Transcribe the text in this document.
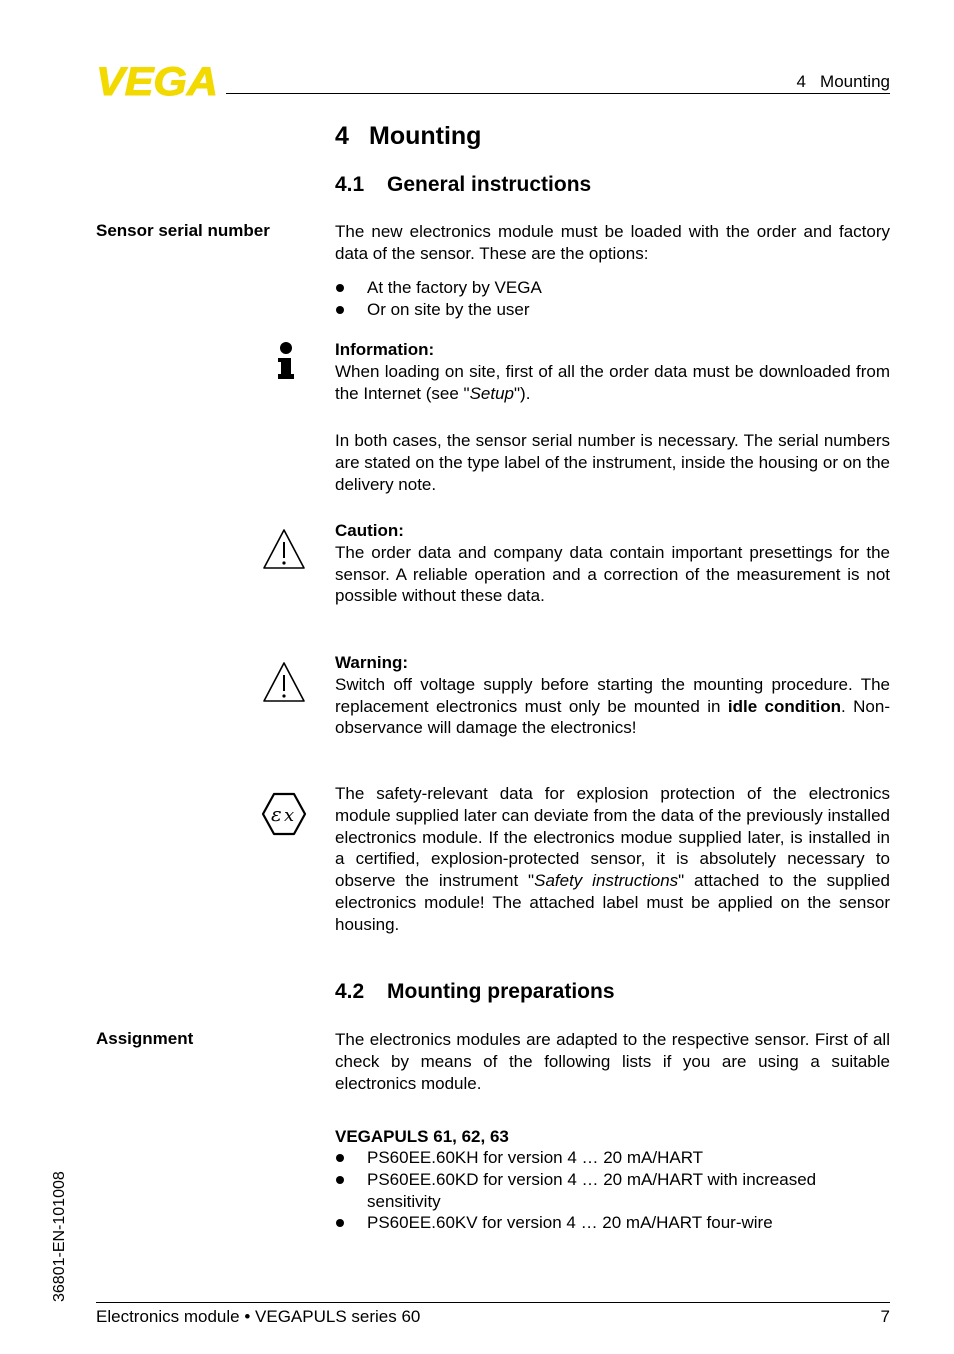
VEGA	4   Mounting
4 Mounting
4.1 General instructions
Sensor serial number	The new electronics module must be loaded with the order and factory data of the sensor. These are the options:
At the factory by VEGA
Or on site by the user
Information:
When loading on site, first of all the order data must be downloaded from the Internet (see "Setup").
In both cases, the sensor serial number is necessary. The serial numbers are stated on the type label of the instrument, inside the housing or on the delivery note.
Caution:
The order data and company data contain important presettings for the sensor. A reliable operation and a correction of the measurement is not possible without these data.
Warning:
Switch off voltage supply before starting the mounting procedure. The replacement electronics must only be mounted in idle condition. Non-observance will damage the electronics!
ε x
The safety-relevant data for explosion protection of the electronics module supplied later can deviate from the data of the previously installed electronics module. If the electronics modue supplied later, is installed in a certified, explosion-protected sensor, it is absolutely necessary to observe the instrument "Safety instructions" attached to the supplied electronics module! The attached label must be applied on the sensor housing.
4.2 Mounting preparations
Assignment	The electronics modules are adapted to the respective sensor. First of all check by means of the following lists if you are using a suitable electronics module.
VEGAPULS 61, 62, 63
PS60EE.60KH for version 4 … 20 mA/HART
PS60EE.60KD for version 4 … 20 mA/HART with increased sensitivity
PS60EE.60KV for version 4 … 20 mA/HART four-wire
36801-EN-101008
Electronics module • VEGAPULS series 60	7
